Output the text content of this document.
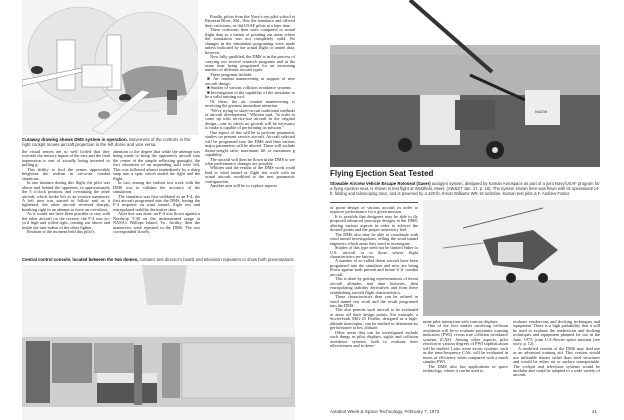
Cutaway drawing shows DMS system in operation. Movement of the controls in the right cockpit moves aircraft projection in the left dome and vice versa.

the visual senses are so well fooled that they override the sensory inputs of the ears and the final impression is one of actually being inverted or pulling g.

This ability to fool the senses appreciably heightens the realism in air-to-air combat situations.

In one instance during this flight, the pilot was above and behind the opponent, in approximately the 5 o'clock position, and overtaking the other aircraft, which broke left as an evasive maneuver. A left turn was started to follow and as it tightened, the other aircraft reversed sharply, breaking right in an attempt to force an overshoot.

As it would not have been possible to stay with the other aircraft on the reverse, the F-4 was yo-yo'd high and rolled right, coming out above and inside the turn radius of the other fighter.

Realism of the moment held this pilot's

attention to the degree that while the attempt was being made to bring the opponent's aircraft into the center of the simple reflecting gunsight, the first vibrations of an impending stall were felt. This was followed almost immediately by a sharp snap into a spin, which ended the fight and the flight.

In fact, among the earliest test work with the DMS was to validate the accuracy of the simulation.

The simulator was first validated as an F-4, the first aircraft programed into the DMS, basing the F-4 response on wind tunnel, flight test and extrapolated stability derivative data.

After this was done, an F-4 was flown against a Northrop T-38 on the instrumented range at NASA's Wallops Island, Va., facility, then the maneuvers were repeated in the DMS. The two corresponded closely.

Finally, pilots from the Navy's test pilot school at Patuxent River, Md., flew the simulator and offered their criticisms, as did USAF pilots at a later date.

These criticisms then were compared to actual flight data as a means of pointing out areas where the simulation was not completely valid. No changes in the simulation programing were made unless indicated by the actual flight or tunnel data, however.

Now fully qualified, the DMS is in the process of carrying out several research programs and at the same time being programed for an increasing number of different aircraft types.

These programs include:

■ Air combat maneuvering in support of new aircraft design.

■ Studies of various collision avoidance systems.

■ Investigation of the capability of the simulator to be a valid training tool.

Of these, the air combat maneuvering is receiving the greatest immediate attention.

"We're trying to short-circuit traditional methods of aircraft development," Whitten said, "in order to come up with service-use aircraft in the original design—one in which no growth will be necessary to make it capable of performing its mission."

One aspect of this will be to perform parametric studies on present service aircraft. Aircraft selected will be programed into the DMS and then various major parameters will be altered. These will include thrust-weight ratio, maximum lift or maximum g capability.

The aircraft will then be flown in the DMS to see what performance changes are possible.

Whitten said the results of the DMS work could lead to wind tunnel or flight test work with an actual aircraft, modified to the new parametric configuration.

Another area will be to explore aspects

Central control console, located between the two domes, contains test director's board and television repeaters to show both presentations.
N4298
Flying Ejection Seat Tested
Stowable Aircrew Vehicle Escape Rotoseat (Saver) autogyro system, designed by Kaman Aerospace as part of a joint Navy/USAF program for a flying ejection seat, is shown in test flight at Westfield, Mass. (AW&ST Jan. 17, p. 18). The system shown here was flown with its operational 14-ft. folding and telescoping rotor, and is powered by a 420-lb.-thrust Williams WR-19 turbofan. Kaman test pilot is F. Andrew Foster.

of point design of various aircraft in order to improve performance for a given mission.

It is possible that designers may be able to fly proposed advanced prototype designs in the DMS, altering various aspects in order to achieve the desired points and the proper sensitivity feel.

The DMS also may be able to coordinate with wind tunnel investigations, telling the wind tunnel engineers which areas they need to investigate.

Studies of this type need not be limited either to U.S. aircraft or to those whose flight characteristics are known.

A number of so-called threat aircraft have been programed into the simulator and now are being flown against both present and future U.S. combat aircraft.

This is done by getting representations of threat aircraft altitudes and time histories, then extrapolating stability derivatives and from these establishing aircraft flight characteristics.

These characteristics then can be refined in wind tunnel test work and the result programed into the DMS.

This also permits such aircraft to be evaluated at areas off their design points. For example, a Soviet-built MiG-25 Foxbat, designed as a high-altitude interceptor, can be studied to determine its performance at low altitude.

Other areas that can be investigated include such things as pilot displays, sights and collision avoidance systems, both to evaluate their effectiveness and to deter-

mine pilot interaction with various displays.

One of the first studies involving collision avoidance will be to evaluate proximity warning indicators (PWI) versus true collision avoidance systems (CAS). Among other aspects, pilot reaction to various degrees of PWI sophistication will be studied. Later, more exotic systems, such as the time/frequency CAS, will be evaluated in terms of efficiency when compared with a much simpler PWI.

The DMS also has applications in space technology, where it can be used to

evaluate rendezvous and docking techniques and equipment. There is a high probability that it will be used to evaluate the rendezvous and docking techniques and equipment planned for use in the June, 1975, joint U.S./Soviet space mission (see story, p. 12).

A modified version of the DMS may find use as an advanced training aid. This version would use inflatable domes rather than steel structures and would be either air or surface transportable. The cockpit and television systems would be modular and could be adapted to a wide variety of aircraft.

Aviation Week & Space Technology, February 7, 1972	41
